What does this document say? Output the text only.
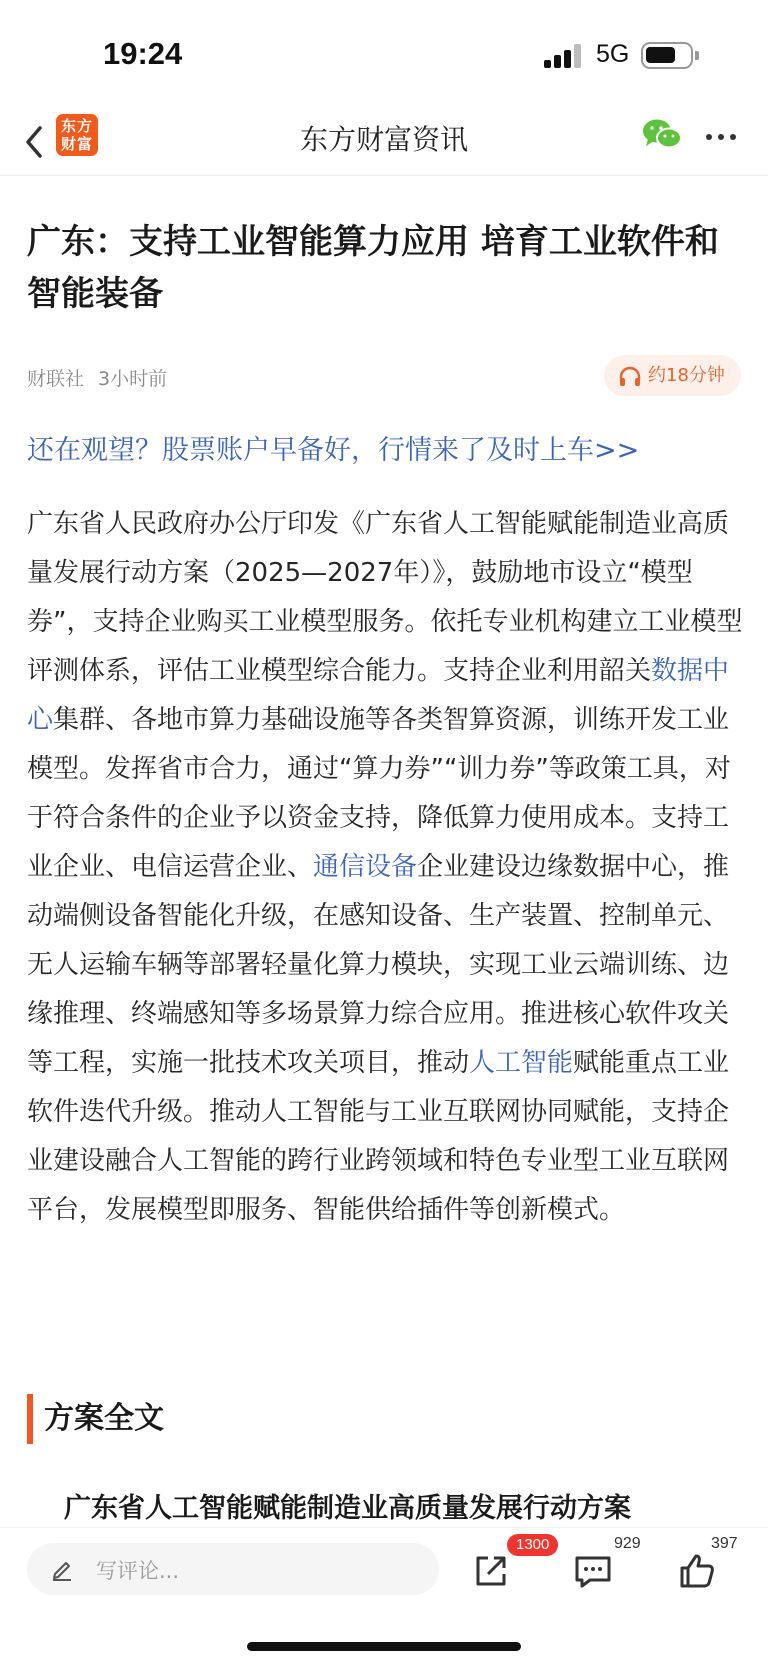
19:24	5G
东方
财富	东方财富资讯
广东：支持工业智能算力应用 培育工业软件和智能装备
财联社 3小时前	约18分钟
还在观望？股票账户早备好，行情来了及时上车>>

广东省人民政府办公厅印发《广东省人工智能赋能制造业高质量发展行动方案（2025—2027年）》，鼓励地市设立“模型券”，支持企业购买工业模型服务。依托专业机构建立工业模型评测体系，评估工业模型综合能力。支持企业利用韶关数据中心集群、各地市算力基础设施等各类智算资源，训练开发工业模型。发挥省市合力，通过“算力券”“训力券”等政策工具，对于符合条件的企业予以资金支持，降低算力使用成本。支持工业企业、电信运营企业、通信设备企业建设边缘数据中心，推动端侧设备智能化升级，在感知设备、生产装置、控制单元、无人运输车辆等部署轻量化算力模块，实现工业云端训练、边缘推理、终端感知等多场景算力综合应用。推进核心软件攻关等工程，实施一批技术攻关项目，推动人工智能赋能重点工业软件迭代升级。推动人工智能与工业互联网协同赋能，支持企业建设融合人工智能的跨行业跨领域和特色专业型工业互联网平台，发展模型即服务、智能供给插件等创新模式。

方案全文
广东省人工智能赋能制造业高质量发展行动方案
写评论...
1300	929	397
